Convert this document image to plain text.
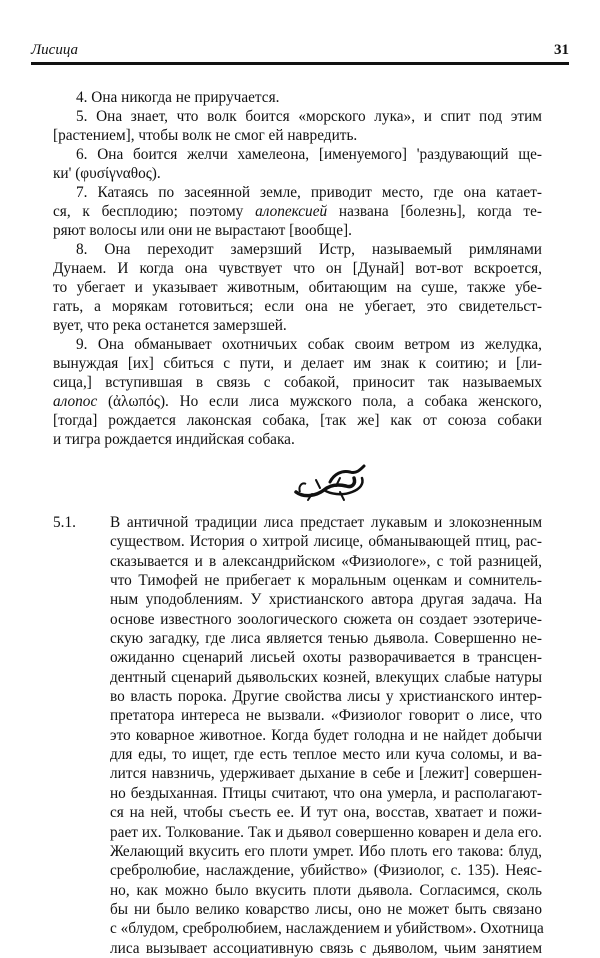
Лисица	31
4. Она никогда не приручается.
5. Она знает, что волк боится «морского лука», и спит под этим
[растением], чтобы волк не смог ей навредить.
6. Она боится желчи хамелеона, [именуемого] 'раздувающий ще-
ки' (φυσίγναθος).
7. Катаясь по засеянной земле, приводит место, где она катает-
ся, к бесплодию; поэтому алопексией названа [болезнь], когда те-
ряют волосы или они не вырастают [вообще].
8. Она переходит замерзший Истр, называемый римлянами
Дунаем. И когда она чувствует что он [Дунай] вот-вот вскроется,
то убегает и указывает животным, обитающим на суше, также убе-
гать, а морякам готовиться; если она не убегает, это свидетельст-
вует, что река останется замерзшей.
9. Она обманывает охотничьих собак своим ветром из желудка,
вынуждая [их] сбиться с пути, и делает им знак к соитию; и [ли-
сица,] вступившая в связь с собакой, приносит так называемых
алопос (ἀλωπός). Но если лиса мужского пола, а собака женского,
[тогда] рождается лаконская собака, [так же] как от союза собаки
и тигра рождается индийская собака.
5.1. В античной традиции лиса предстает лукавым и злокозненным
существом. История о хитрой лисице, обманывающей птиц, рас-
сказывается и в александрийском «Физиологе», с той разницей,
что Тимофей не прибегает к моральным оценкам и сомнитель-
ным уподоблениям. У христианского автора другая задача. На
основе известного зоологического сюжета он создает эзотериче-
скую загадку, где лиса является тенью дьявола. Совершенно не-
ожиданно сценарий лисьей охоты разворачивается в трансцен-
дентный сценарий дьявольских козней, влекущих слабые натуры
во власть порока. Другие свойства лисы у христианского интер-
претатора интереса не вызвали. «Физиолог говорит о лисе, что
это коварное животное. Когда будет голодна и не найдет добычи
для еды, то ищет, где есть теплое место или куча соломы, и ва-
лится навзничь, удерживает дыхание в себе и [лежит] совершен-
но бездыханная. Птицы считают, что она умерла, и располагают-
ся на ней, чтобы съесть ее. И тут она, восстав, хватает и пожи-
рает их. Толкование. Так и дьявол совершенно коварен и дела его.
Желающий вкусить его плоти умрет. Ибо плоть его такова: блуд,
сребролюбие, наслаждение, убийство» (Физиолог, с. 135). Неяс-
но, как можно было вкусить плоти дьявола. Согласимся, сколь
бы ни было велико коварство лисы, оно не может быть связано
с «блудом, сребролюбием, наслаждением и убийством». Охотница
лиса вызывает ассоциативную связь с дьяволом, чьим занятием
